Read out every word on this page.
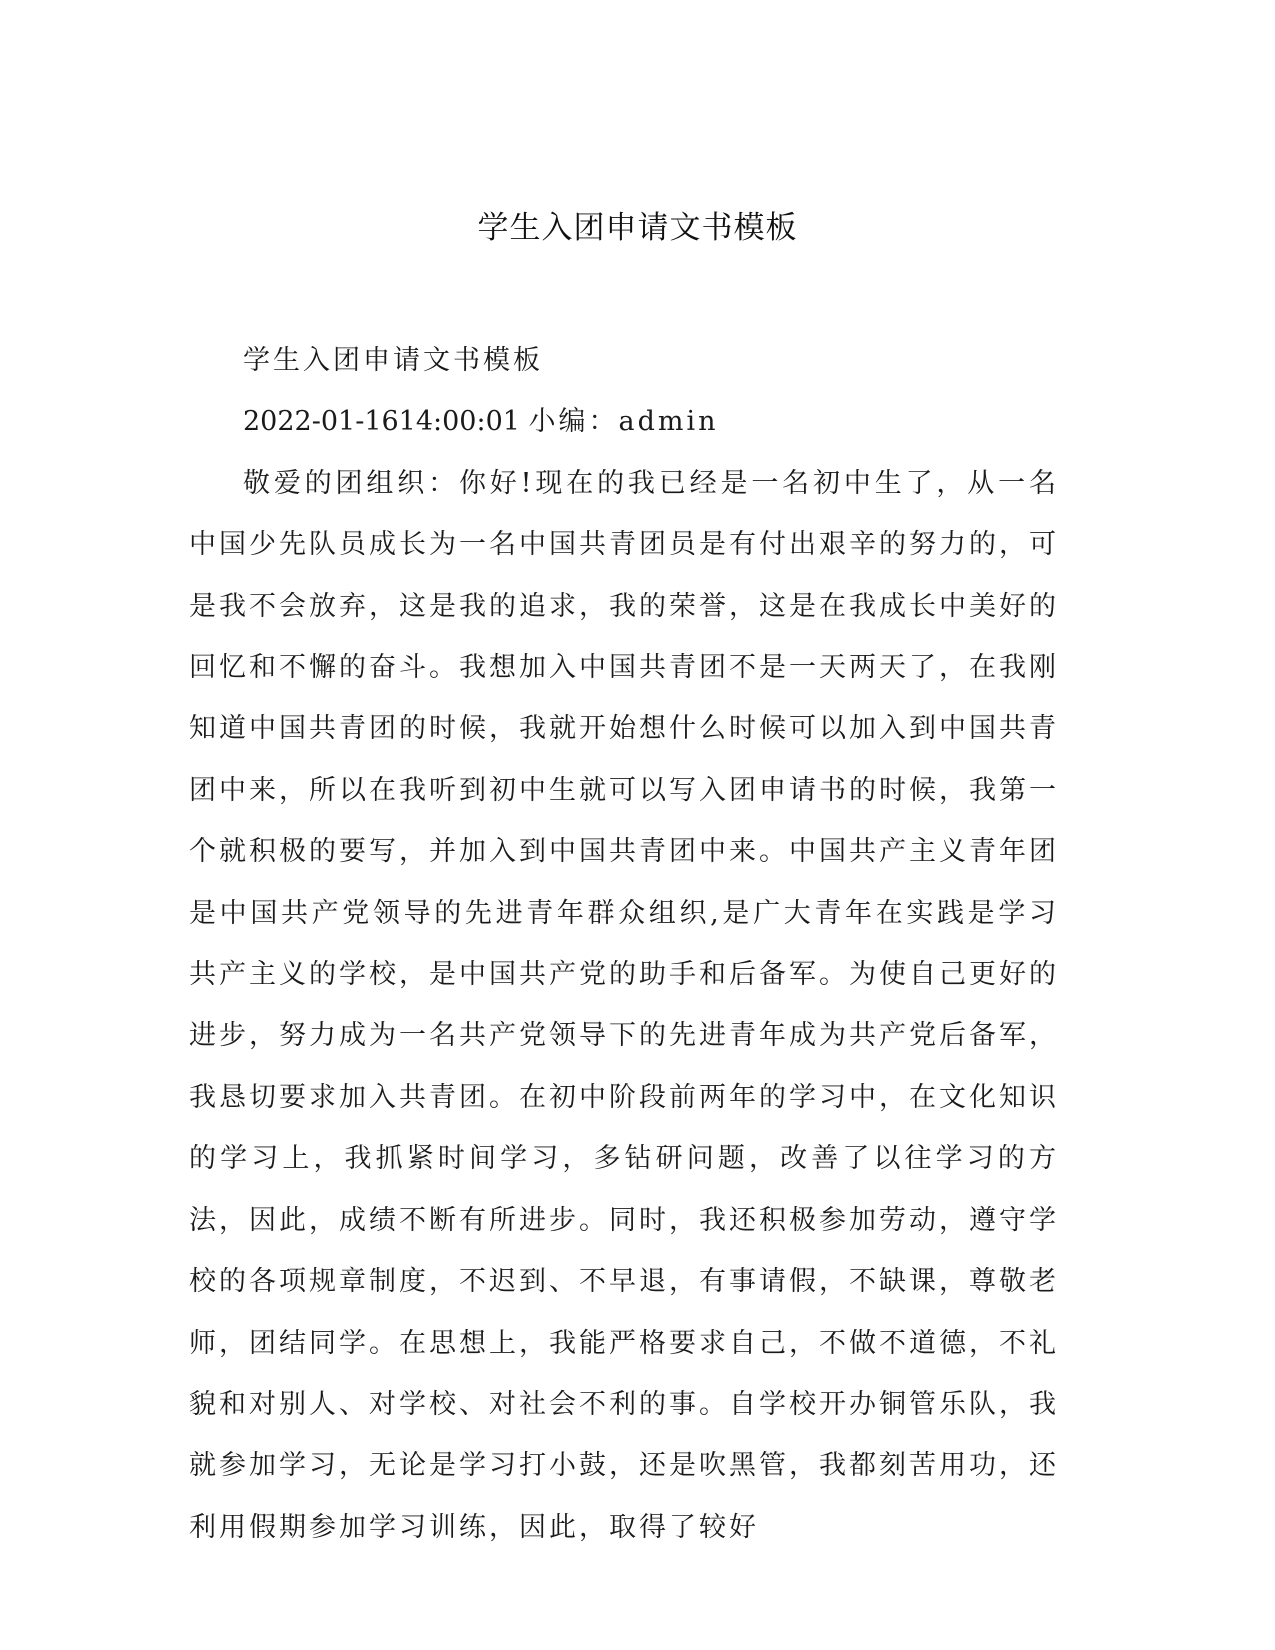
学生入团申请文书模板

学生入团申请文书模板

2022-01-1614:00:01 小编：admin

敬爱的团组织：你好!现在的我已经是一名初中生了，从一名中国少先队员成长为一名中国共青团员是有付出艰辛的努力的，可是我不会放弃，这是我的追求，我的荣誉，这是在我成长中美好的回忆和不懈的奋斗。我想加入中国共青团不是一天两天了，在我刚知道中国共青团的时候，我就开始想什么时候可以加入到中国共青团中来，所以在我听到初中生就可以写入团申请书的时候，我第一个就积极的要写，并加入到中国共青团中来。中国共产主义青年团是中国共产党领导的先进青年群众组织,是广大青年在实践是学习共产主义的学校，是中国共产党的助手和后备军。为使自己更好的进步，努力成为一名共产党领导下的先进青年成为共产党后备军，我恳切要求加入共青团。在初中阶段前两年的学习中，在文化知识的学习上，我抓紧时间学习，多钻研问题，改善了以往学习的方法，因此，成绩不断有所进步。同时，我还积极参加劳动，遵守学校的各项规章制度，不迟到、不早退，有事请假，不缺课，尊敬老师，团结同学。在思想上，我能严格要求自己，不做不道德，不礼貌和对别人、对学校、对社会不利的事。自学校开办铜管乐队，我就参加学习，无论是学习打小鼓，还是吹黑管，我都刻苦用功，还利用假期参加学习训练，因此，取得了较好
